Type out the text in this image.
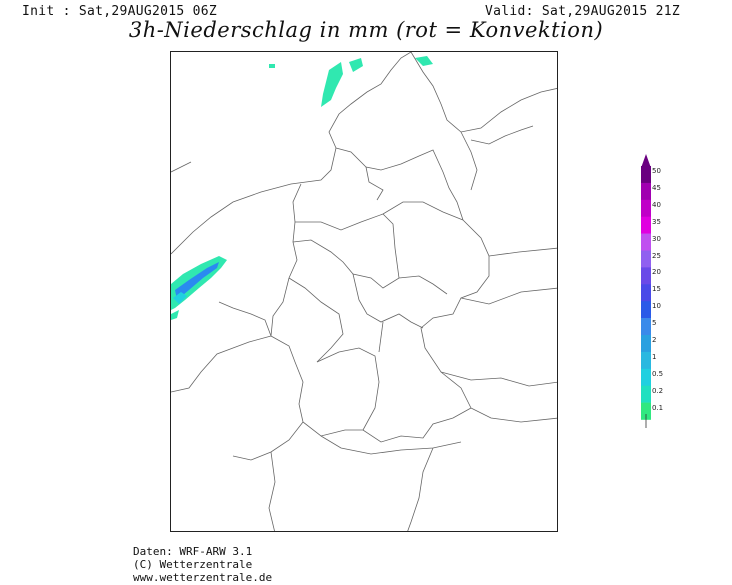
Init : Sat,29AUG2015 06Z	Valid: Sat,29AUG2015 21Z
3h-Niederschlag in mm (rot = Konvektion)
50
45
40
35
30
25
20
15
10
5
2
1
0.5
0.2
0.1
Daten: WRF-ARW 3.1
(C) Wetterzentrale
www.wetterzentrale.de
